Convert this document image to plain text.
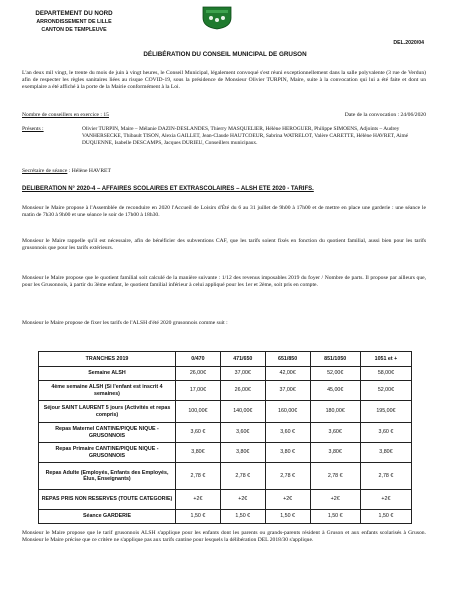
DEPARTEMENT DU NORD
ARRONDISSEMENT DE LILLE
CANTON DE TEMPLEUVE
DEL.2020/04
DÉLIBÉRATION DU CONSEIL MUNICIPAL DE GRUSON
L'an deux mil vingt, le trente du mois de juin à vingt heures, le Conseil Municipal, légalement convoqué s'est réuni exceptionnellement dans la salle polyvalente (3 rue de Verdun) afin de respecter les règles sanitaires liées au risque COVID-19, sous la présidence de Monsieur Olivier TURPIN, Maire, suite à la convocation qui lui a été faite et dont un exemplaire a été affiché à la porte de la Mairie conformément à la Loi.
Nombre de conseillers en exercice : 15	Date de la convocation : 24/06/2020
Présents :	Olivier TURPIN, Maire – Mélanie DAZIN-DESLANDES, Thierry MASQUELIER, Hélène HEROGUER, Philippe SIMOENS, Adjoints – Audrey VANHERSECKE, Thibault TISON, Alexia GAILLET, Jean-Claude HAUTCOEUR, Sabrina WATRELOT, Valère CARETTE, Hélène HAVRET, Aimé DUQUENNE, Isabelle DESCAMPS, Jacques DURIEU, Conseillers municipaux.
Secrétaire de séance : Hélène HAVRET
DELIBERATION N° 2020-4 – AFFAIRES SCOLAIRES ET EXTRASCOLAIRES – ALSH ETE 2020 - TARIFS.
Monsieur le Maire propose à l'Assemblée de reconduire en 2020 l'Accueil de Loisirs d'Été du 6 au 31 juillet de 9h00 à 17h00 et de mettre en place une garderie : une séance le matin de 7h30 à 9h00 et une séance le soir de 17h00 à 18h30.
Monsieur le Maire rappelle qu'il est nécessaire, afin de bénéficier des subventions CAF, que les tarifs soient fixés en fonction du quotient familial, aussi bien pour les tarifs grusonnois que pour les tarifs extérieurs.
Monsieur le Maire propose que le quotient familial soit calculé de la manière suivante : 1/12 des revenus imposables 2019 du foyer / Nombre de parts. Il propose par ailleurs que, pour les Grusonnois, à partir du 3ème enfant, le quotient familial inférieur à celui appliqué pour les 1er et 2ème, soit pris en compte.
Monsieur le Maire propose de fixer les tarifs de l'ALSH d'été 2020 grusonnois comme suit :
TRANCHES 2019	0/470	471/650	651/850	851/1050	1051 et +
Semaine ALSH	26,00€	37,00€	42,00€	52,00€	58,00€
4ème semaine ALSH (Si l'enfant est inscrit 4 semaines)	17,00€	26,00€	37,00€	45,00€	52,00€
Séjour SAINT LAURENT 5 jours (Activités et repas compris)	100,00€	140,00€	160,00€	180,00€	195,00€
Repas Maternel CANTINE/PIQUE NIQUE - GRUSONNOIS	3,60 €	3,60€	3,60 €	3,60€	3,60 €
Repas Primaire CANTINE/PIQUE NIQUE - GRUSONNOIS	3,80€	3,80€	3,80 €	3,80€	3,80€
Repas Adulte (Employés, Enfants des Employés, Élus, Enseignants)	2,78 €	2,78 €	2,78 €	2,78 €	2,78 €
REPAS PRIS NON RESERVES (TOUTE CATEGORIE)	+2€	+2€	+2€	+2€	+2€
Séance GARDERIE	1,50 €	1,50 €	1,50 €	1,50 €	1,50 €
Monsieur le Maire propose que le tarif grusonnois ALSH s'applique pour les enfants dont les parents ou grands-parents résident à Gruson et aux enfants scolarisés à Gruson. Monsieur le Maire précise que ce critère ne s'applique pas aux tarifs cantine pour lesquels la délibération DEL 2018/30 s'applique.
